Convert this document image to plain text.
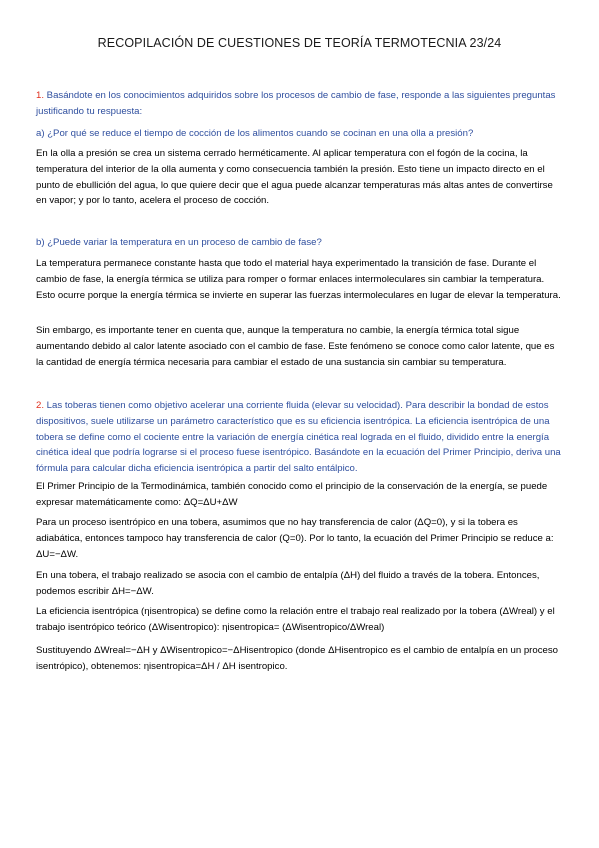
RECOPILACIÓN DE CUESTIONES DE TEORÍA TERMOTECNIA 23/24
1. Basándote en los conocimientos adquiridos sobre los procesos de cambio de fase, responde a las siguientes preguntas justificando tu respuesta:

a) ¿Por qué se reduce el tiempo de cocción de los alimentos cuando se cocinan en una olla a presión?

En la olla a presión se crea un sistema cerrado herméticamente. Al aplicar temperatura con el fogón de la cocina, la temperatura del interior de la olla aumenta y como consecuencia también la presión. Esto tiene un impacto directo en el punto de ebullición del agua, lo que quiere decir que el agua puede alcanzar temperaturas más altas antes de convertirse en vapor; y por lo tanto, acelera el proceso de cocción.

b) ¿Puede variar la temperatura en un proceso de cambio de fase?

La temperatura permanece constante hasta que todo el material haya experimentado la transición de fase. Durante el cambio de fase, la energía térmica se utiliza para romper o formar enlaces intermoleculares sin cambiar la temperatura. Esto ocurre porque la energía térmica se invierte en superar las fuerzas intermoleculares en lugar de elevar la temperatura.

Sin embargo, es importante tener en cuenta que, aunque la temperatura no cambie, la energía térmica total sigue aumentando debido al calor latente asociado con el cambio de fase. Este fenómeno se conoce como calor latente, que es la cantidad de energía térmica necesaria para cambiar el estado de una sustancia sin cambiar su temperatura.

2. Las toberas tienen como objetivo acelerar una corriente fluida (elevar su velocidad). Para describir la bondad de estos dispositivos, suele utilizarse un parámetro característico que es su eficiencia isentrópica. La eficiencia isentrópica de una tobera se define como el cociente entre la variación de energía cinética real lograda en el fluido, dividido entre la energía cinética ideal que podría lograrse si el proceso fuese isentrópico. Basándote en la ecuación del Primer Principio, deriva una fórmula para calcular dicha eficiencia isentrópica a partir del salto entálpico.

El Primer Principio de la Termodinámica, también conocido como el principio de la conservación de la energía, se puede expresar matemáticamente como: ΔQ=ΔU+ΔW

Para un proceso isentrópico en una tobera, asumimos que no hay transferencia de calor (ΔQ=0), y si la tobera es adiabática, entonces tampoco hay transferencia de calor (Q=0). Por lo tanto, la ecuación del Primer Principio se reduce a: ΔU=−ΔW.

En una tobera, el trabajo realizado se asocia con el cambio de entalpía (ΔH) del fluido a través de la tobera. Entonces, podemos escribir ΔH=−ΔW.

La eficiencia isentrópica (ηisentropica) se define como la relación entre el trabajo real realizado por la tobera (ΔWreal) y el trabajo isentrópico teórico (ΔWisentropico): ηisentropica= (ΔWisentropico/ΔWreal)

Sustituyendo ΔWreal=−ΔH y ΔWisentropico=−ΔHisentropico (donde ΔHisentropico es el cambio de entalpía en un proceso isentrópico), obtenemos: ηisentropica=ΔH / ΔH isentropico.
